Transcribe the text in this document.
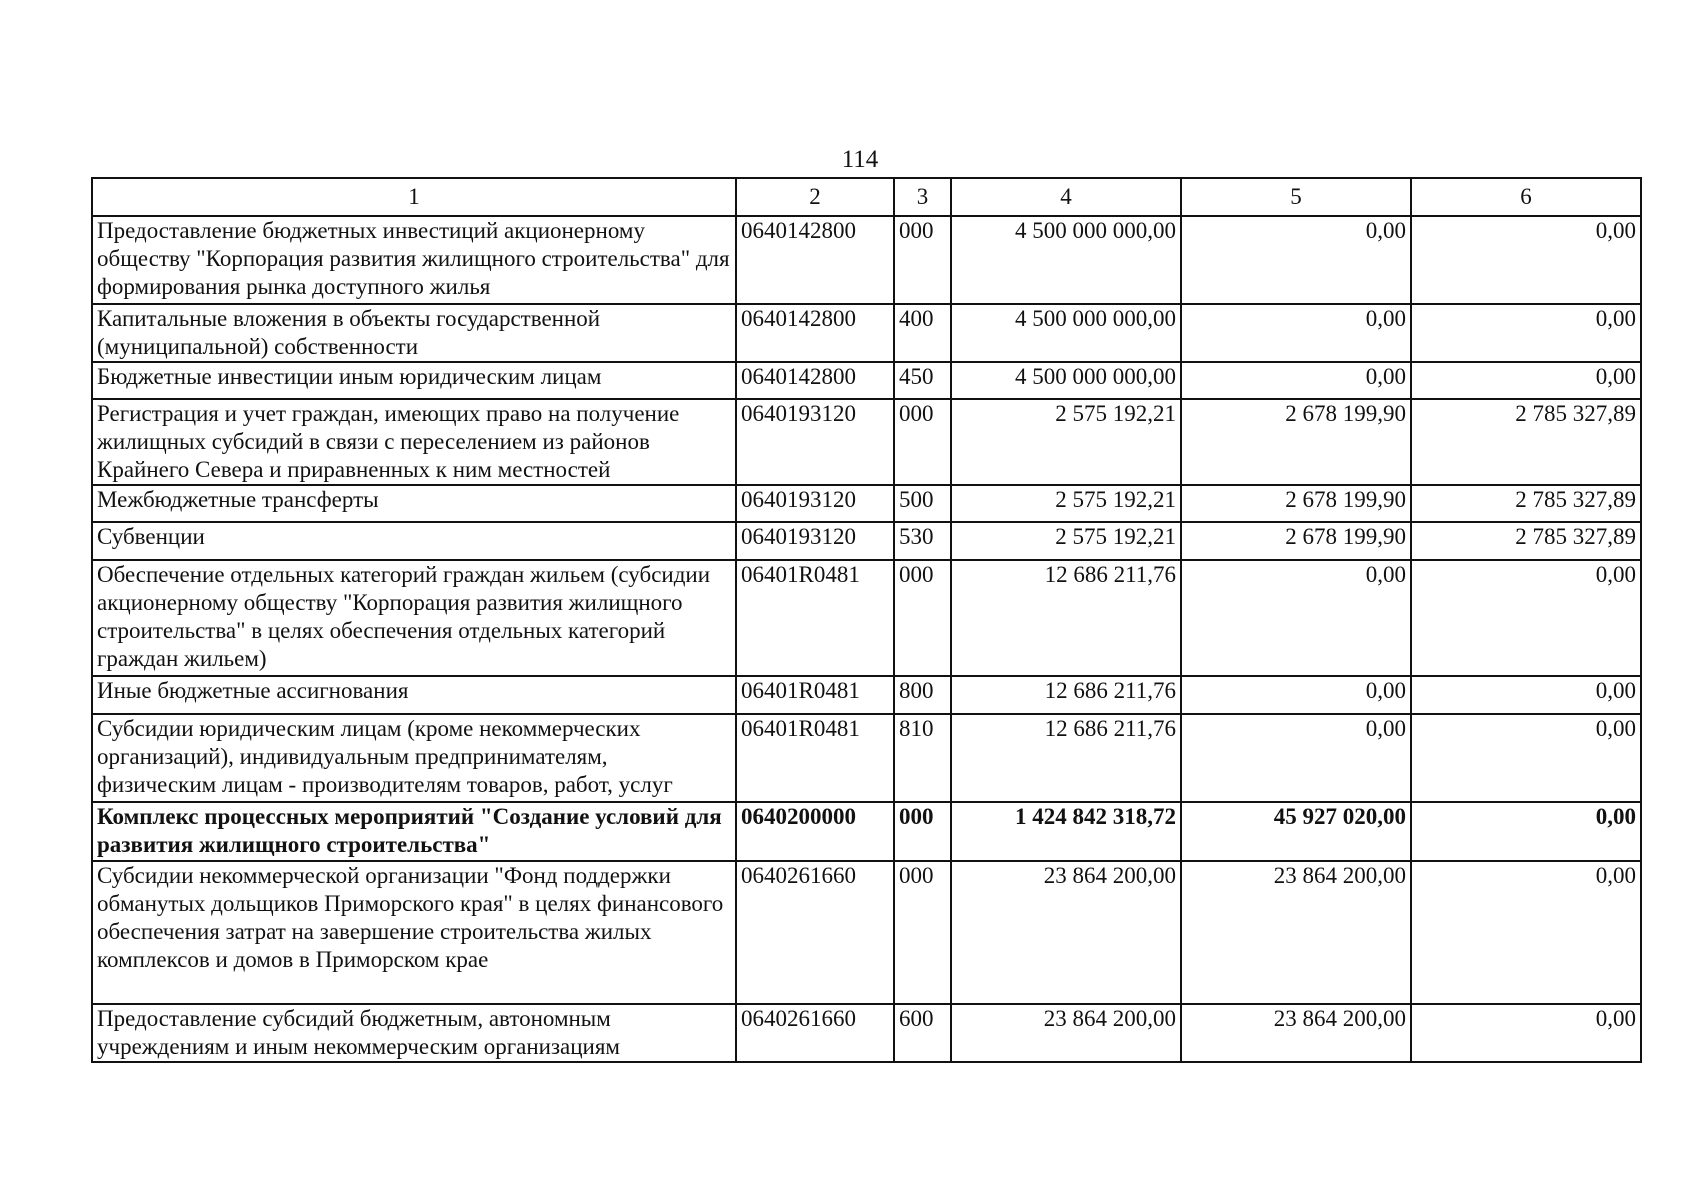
114
1	2	3	4	5	6
Предоставление бюджетных инвестиций акционерному обществу "Корпорация развития жилищного строительства" для формирования рынка доступного жилья	0640142800	000	4 500 000 000,00	0,00	0,00
Капитальные вложения в объекты государственной (муниципальной) собственности	0640142800	400	4 500 000 000,00	0,00	0,00
Бюджетные инвестиции иным юридическим лицам	0640142800	450	4 500 000 000,00	0,00	0,00
Регистрация и учет граждан, имеющих право на получение жилищных субсидий в связи с переселением из районов Крайнего Севера и приравненных к ним местностей	0640193120	000	2 575 192,21	2 678 199,90	2 785 327,89
Межбюджетные трансферты	0640193120	500	2 575 192,21	2 678 199,90	2 785 327,89
Субвенции	0640193120	530	2 575 192,21	2 678 199,90	2 785 327,89
Обеспечение отдельных категорий граждан жильем (субсидии акционерному обществу "Корпорация развития жилищного строительства" в целях обеспечения отдельных категорий граждан жильем)	06401R0481	000	12 686 211,76	0,00	0,00
Иные бюджетные ассигнования	06401R0481	800	12 686 211,76	0,00	0,00
Субсидии юридическим лицам (кроме некоммерческих организаций), индивидуальным предпринимателям, физическим лицам - производителям товаров, работ, услуг	06401R0481	810	12 686 211,76	0,00	0,00
Комплекс процессных мероприятий "Создание условий для развития жилищного строительства"	0640200000	000	1 424 842 318,72	45 927 020,00	0,00
Субсидии некоммерческой организации "Фонд поддержки обманутых дольщиков Приморского края" в целях финансового обеспечения затрат на завершение строительства жилых комплексов и домов в Приморском крае	0640261660	000	23 864 200,00	23 864 200,00	0,00
Предоставление субсидий бюджетным, автономным учреждениям и иным некоммерческим организациям	0640261660	600	23 864 200,00	23 864 200,00	0,00
